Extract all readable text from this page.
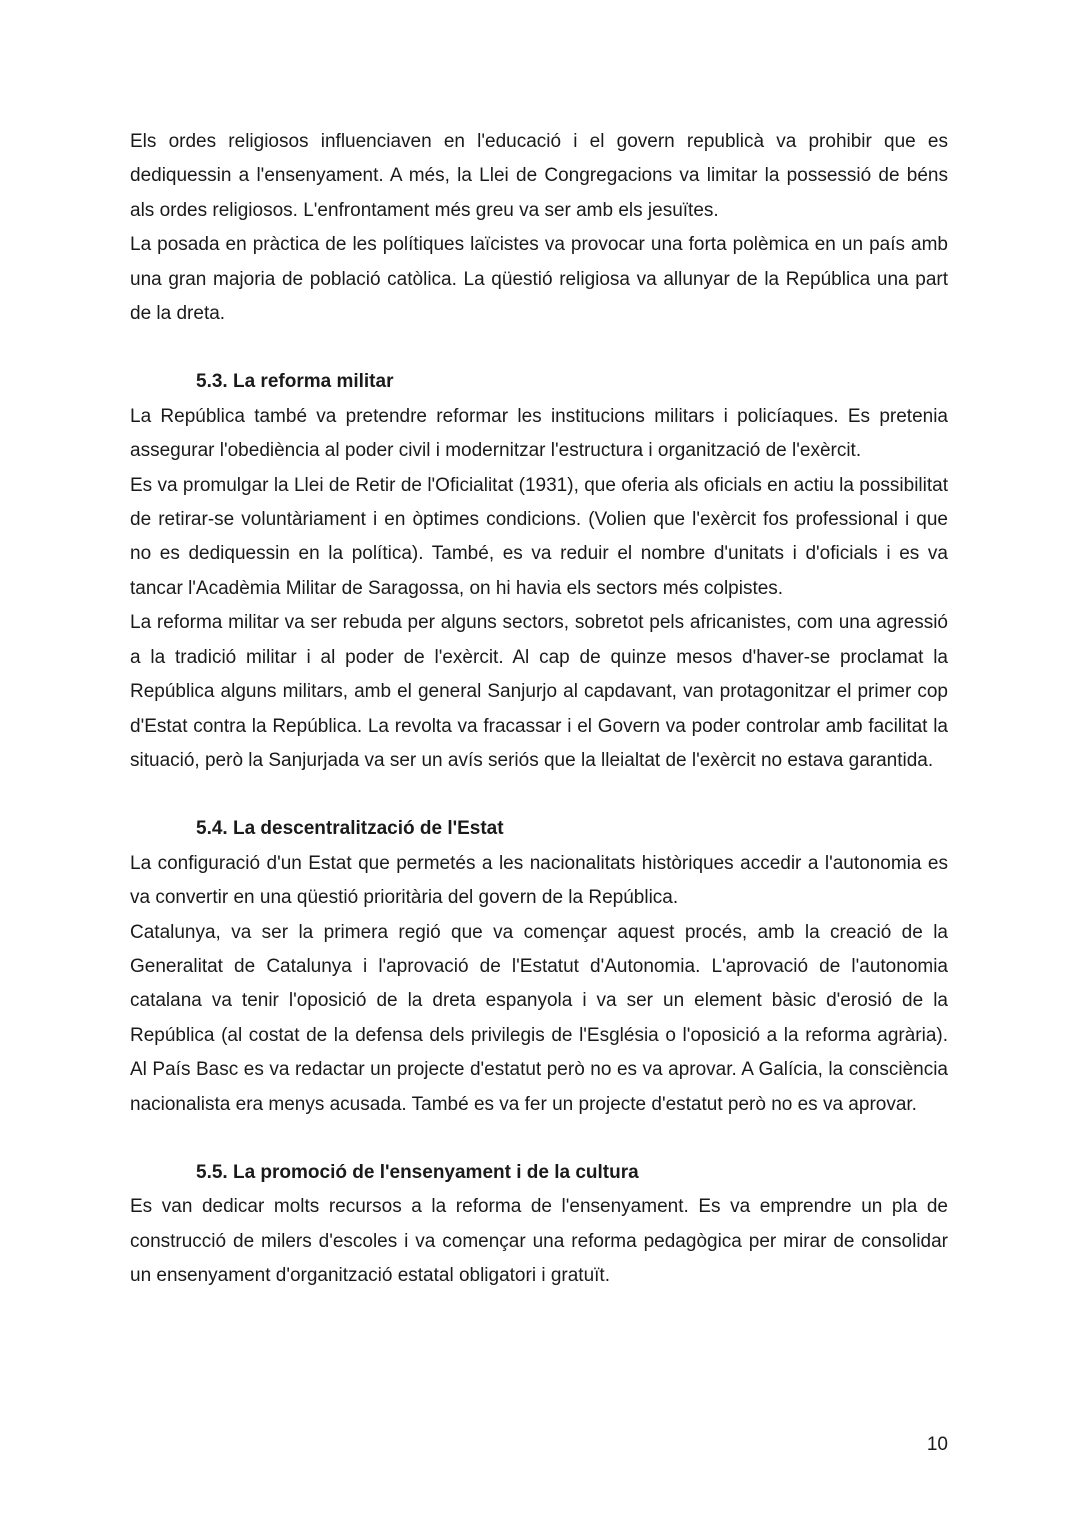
Els ordes religiosos influenciaven en l'educació i el govern republicà va prohibir que es dediquessin a l'ensenyament. A més, la Llei de Congregacions va limitar la possessió de béns als ordes religiosos. L'enfrontament més greu va ser amb els jesuïtes.

La posada en pràctica de les polítiques laïcistes va provocar una forta polèmica en un país amb una gran majoria de població catòlica. La qüestió religiosa va allunyar de la República una part de la dreta.

5.3. La reforma militar

La República també va pretendre reformar les institucions militars i policíaques. Es pretenia assegurar l'obediència al poder civil i modernitzar l'estructura i organització de l'exèrcit.

Es va promulgar la Llei de Retir de l'Oficialitat (1931), que oferia als oficials en actiu la possibilitat de retirar-se voluntàriament i en òptimes condicions. (Volien que l'exèrcit fos professional i que no es dediquessin en la política). També, es va reduir el nombre d'unitats i d'oficials i es va tancar l'Acadèmia Militar de Saragossa, on hi havia els sectors més colpistes.

La reforma militar va ser rebuda per alguns sectors, sobretot pels africanistes, com una agressió a la tradició militar i al poder de l'exèrcit. Al cap de quinze mesos d'haver-se proclamat la República alguns militars, amb el general Sanjurjo al capdavant, van protagonitzar el primer cop d'Estat contra la República. La revolta va fracassar i el Govern va poder controlar amb facilitat la situació, però la Sanjurjada va ser un avís seriós que la lleialtat de l'exèrcit no estava garantida.

5.4. La descentralització de l'Estat

La configuració d'un Estat que permetés a les nacionalitats històriques accedir a l'autonomia es va convertir en una qüestió prioritària del govern de la República.

Catalunya, va ser la primera regió que va començar aquest procés, amb la creació de la Generalitat de Catalunya i l'aprovació de l'Estatut d'Autonomia. L'aprovació de l'autonomia catalana va tenir l'oposició de la dreta espanyola i va ser un element bàsic d'erosió de la República (al costat de la defensa dels privilegis de l'Església o l'oposició a la reforma agrària). Al País Basc es va redactar un projecte d'estatut però no es va aprovar. A Galícia, la consciència nacionalista era menys acusada. També es va fer un projecte d'estatut però no es va aprovar.

5.5. La promoció de l'ensenyament i de la cultura

Es van dedicar molts recursos a la reforma de l'ensenyament. Es va emprendre un pla de construcció de milers d'escoles i va començar una reforma pedagògica per mirar de consolidar un ensenyament d'organització estatal obligatori i gratuït.

10
